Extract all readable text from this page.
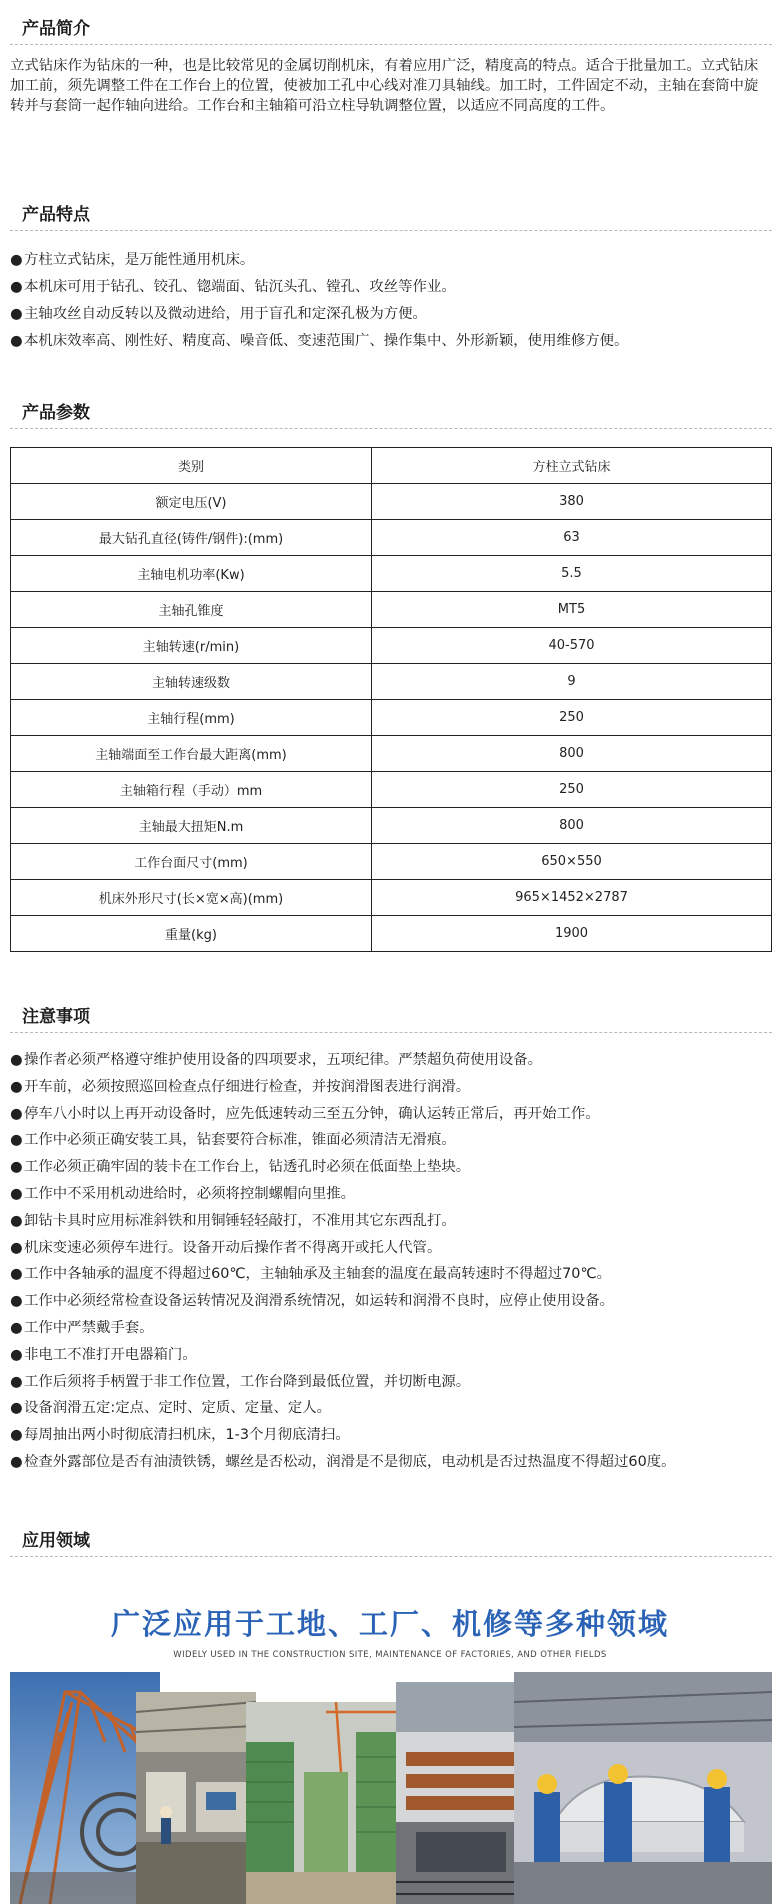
产品简介
立式钻床作为钻床的一种，也是比较常见的金属切削机床，有着应用广泛，精度高的特点。适合于批量加工。立式钻床加工前，须先调整工件在工作台上的位置，使被加工孔中心线对准刀具轴线。加工时，工件固定不动，主轴在套筒中旋转并与套筒一起作轴向进给。工作台和主轴箱可沿立柱导轨调整位置，以适应不同高度的工件。
产品特点
●方柱立式钻床，是万能性通用机床。
●本机床可用于钻孔、铰孔、锪端面、钻沉头孔、镗孔、攻丝等作业。
●主轴攻丝自动反转以及微动进给，用于盲孔和定深孔极为方便。
●本机床效率高、刚性好、精度高、噪音低、变速范围广、操作集中、外形新颖，使用维修方便。
产品参数
类别	方柱立式钻床
额定电压(V)	380
最大钻孔直径(铸件/钢件):(mm)	63
主轴电机功率(Kw)	5.5
主轴孔锥度	MT5
主轴转速(r/min)	40-570
主轴转速级数	9
主轴行程(mm)	250
主轴端面至工作台最大距离(mm)	800
主轴箱行程（手动）mm	250
主轴最大扭矩N.m	800
工作台面尺寸(mm)	650×550
机床外形尺寸(长×宽×高)(mm)	965×1452×2787
重量(kg)	1900
注意事项
●操作者必须严格遵守维护使用设备的四项要求，五项纪律。严禁超负荷使用设备。
●开车前，必须按照巡回检查点仔细进行检查，并按润滑图表进行润滑。
●停车八小时以上再开动设备时，应先低速转动三至五分钟，确认运转正常后，再开始工作。
●工作中必须正确安装工具，钻套要符合标准，锥面必须清洁无滑痕。
●工作必须正确牢固的装卡在工作台上，钻透孔时必须在低面垫上垫块。
●工作中不采用机动进给时，必须将控制螺帽向里推。
●卸钻卡具时应用标准斜铁和用铜锤轻轻敲打，不准用其它东西乱打。
●机床变速必须停车进行。设备开动后操作者不得离开或托人代管。
●工作中各轴承的温度不得超过60℃，主轴轴承及主轴套的温度在最高转速时不得超过70℃。
●工作中必须经常检查设备运转情况及润滑系统情况，如运转和润滑不良时，应停止使用设备。
●工作中严禁戴手套。
●非电工不准打开电器箱门。
●工作后须将手柄置于非工作位置，工作台降到最低位置，并切断电源。
●设备润滑五定:定点、定时、定质、定量、定人。
●每周抽出两小时彻底清扫机床，1-3个月彻底清扫。
●检查外露部位是否有油渍铁锈，螺丝是否松动，润滑是不是彻底，电动机是否过热温度不得超过60度。
应用领域
广泛应用于工地、工厂、机修等多种领域
WIDELY USED IN THE CONSTRUCTION SITE, MAINTENANCE OF FACTORIES, AND OTHER FIELDS
